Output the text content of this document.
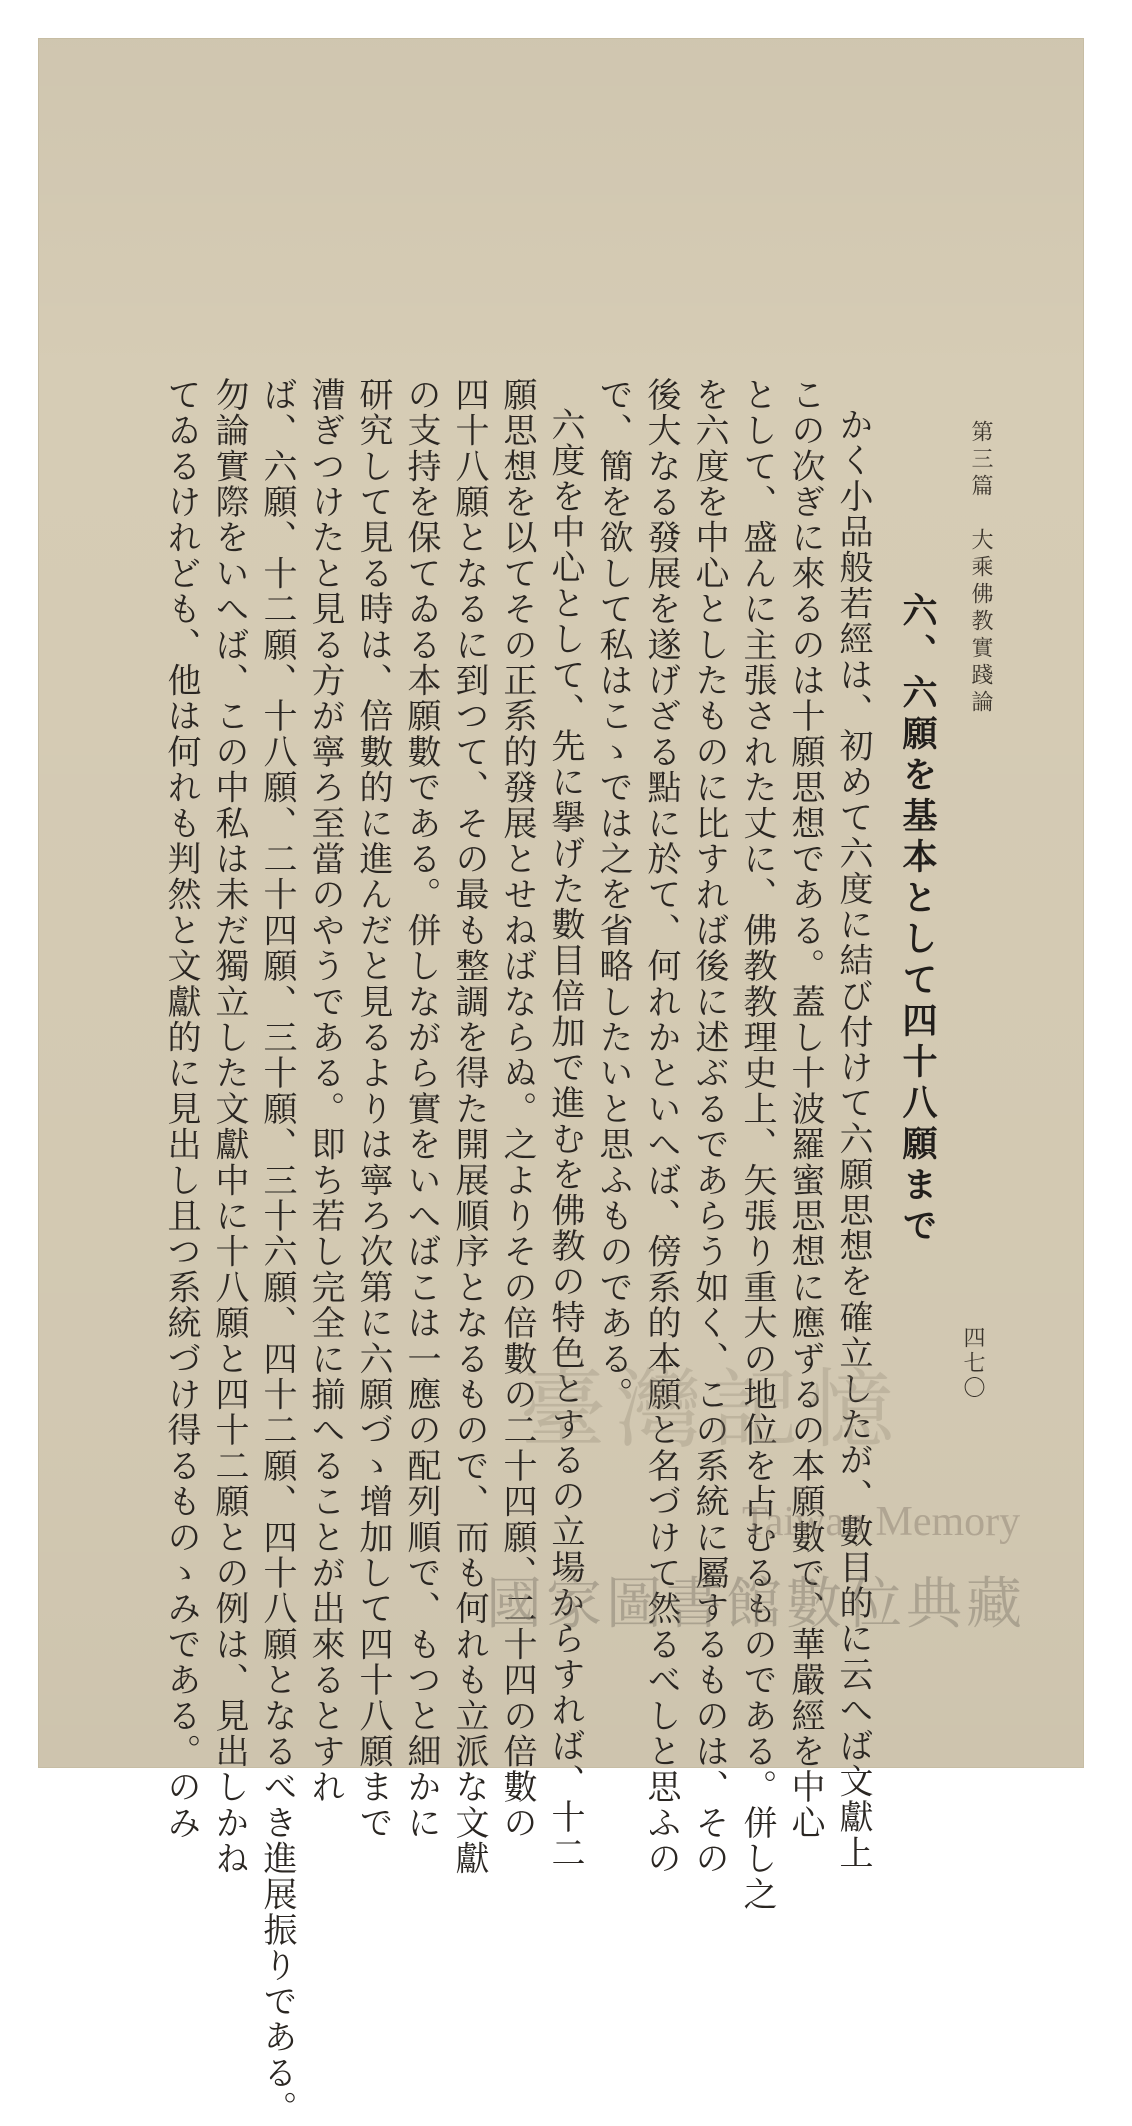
第三篇　大乘佛教實踐論
四七〇
六、六願を基本として四十八願まで
かく小品般若經は、初めて六度に結び付けて六願思想を確立したが、數目的に云へば文獻上
この次ぎに來るのは十願思想である。蓋し十波羅蜜思想に應ずるの本願數で、華嚴經を中心
として、盛んに主張された丈に、佛教教理史上、矢張り重大の地位を占むるものである。併し之
を六度を中心としたものに比すれば後に述ぶるであらう如く、この系統に屬するものは、その
後大なる發展を遂げざる點に於て、何れかといへば、傍系的本願と名づけて然るべしと思ふの
で、簡を欲して私はこゝでは之を省略したいと思ふものである。
六度を中心として、先に擧げた數目倍加で進むを佛教の特色とするの立場からすれば、十二
願思想を以てその正系的發展とせねばならぬ。之よりその倍數の二十四願、二十四の倍數の
四十八願となるに到つて、その最も整調を得た開展順序となるもので、而も何れも立派な文獻
の支持を保てゐる本願數である。併しながら實をいへばこは一應の配列順で、もつと細かに
研究して見る時は、倍數的に進んだと見るよりは寧ろ次第に六願づゝ增加して四十八願まで
漕ぎつけたと見る方が寧ろ至當のやうである。即ち若し完全に揃へることが出來るとすれ
ば、六願、十二願、十八願、二十四願、三十願、三十六願、四十二願、四十八願となるべき進展振りである。
勿論實際をいへば、この中私は未だ獨立した文獻中に十八願と四十二願との例は、見出しかね
てゐるけれども、他は何れも判然と文獻的に見出し且つ系統づけ得るものゝみである。のみ	臺灣記憶
Taiwan Memory
國家圖書館數位典藏
